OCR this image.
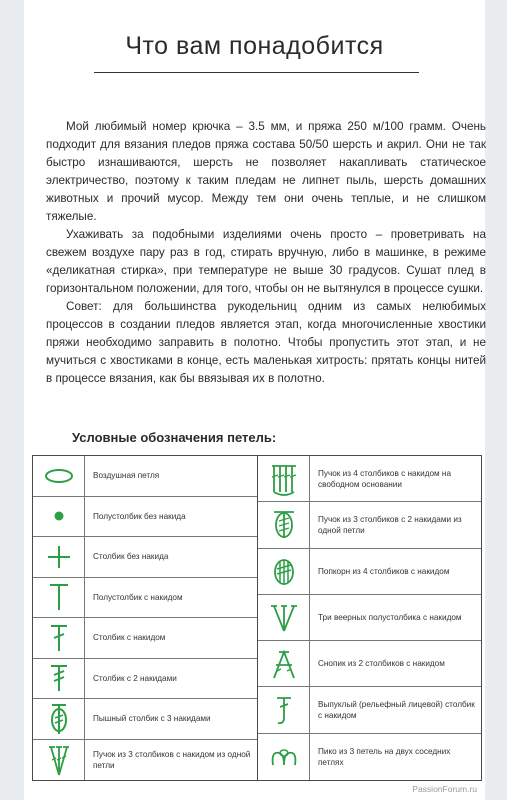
Что вам понадобится

Мой любимый номер крючка – 3.5 мм, и пряжа 250 м/100 грамм. Очень подходит для вязания пледов пряжа состава 50/50 шерсть и акрил. Они не так быстро изнашиваются, шерсть не позволяет накапливать статическое электричество, поэтому к таким пледам не липнет пыль, шерсть домашних животных и прочий мусор. Между тем они очень теплые, и не слишком тяжелые.

Ухаживать за подобными изделиями очень просто – проветривать на свежем воздухе пару раз в год, стирать вручную, либо в машинке, в режиме «деликатная стирка», при температуре не выше 30 градусов. Сушат плед в горизонтальном положении, для того, чтобы он не вытянулся в процессе сушки.

Совет: для большинства рукодельниц одним из самых нелюбимых процессов в создании пледов является этап, когда многочисленные хвостики пряжи необходимо заправить в полотно. Чтобы пропустить этот этап, и не мучиться с хвостиками в конце, есть маленькая хитрость: прятать концы нитей в процессе вязания, как бы ввязывая их в полотно.

Условные обозначения петель:
Воздушная петля
Полустолбик без накида
Столбик без накида
Полустолбик с накидом
Столбик с накидом
Столбик с 2 накидами
Пышный столбик с 3 накидами
Пучок из 3 столбиков с накидом из одной петли
Пучок из 4 столбиков с накидом на свободном основании
Пучок из 3 столбиков с 2 накидами из одной петли
Попкорн из 4 столбиков с накидом
Три веерных полустолбика с накидом
Снопик из 2 столбиков с накидом
Выпуклый (рельефный лицевой) столбик с накидом
Пико из 3 петель на двух соседних петлях
PassionForum.ru
